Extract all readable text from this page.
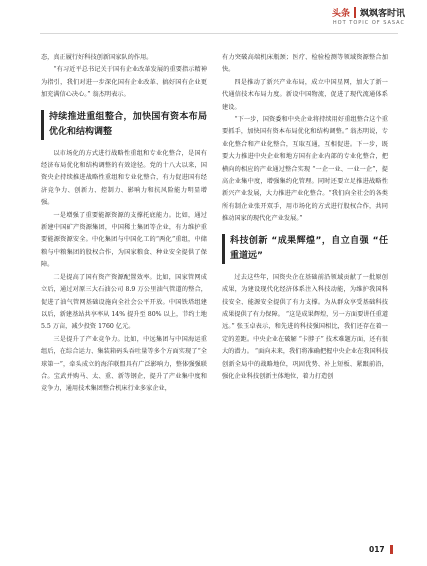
头条 飒飒客时讯
HOT TOPIC OF SASAC

态，真正履行好科技创新国家队的作用。

“有习近平总书记关于国有企业改革发展的重要指示精神为指引，我们对进一步深化国有企业改革、搞好国有企业更加充满信心决心。” 翁杰明表示。

持续推进重组整合，加快国有资本布局优化和结构调整

以市场化的方式进行战略性重组和专业化整合，是国有经济布局优化和结构调整的有效途径。党的十八大以来，国资央企持续推进战略性重组和专业化整合，有力促进国有经济竞争力、创新力、控制力、影响力和抗风险能力明显增强。

一是增强了重要能源资源的支撑托底能力。比如，通过新建中国矿产资源集团，中国稀土集团等企业，有力维护重要能源资源安全。中化集团与中国化工的“两化”重组，中储粮与中粮集团的股权合作，为国家粮食、种业安全提供了保障。

二是提高了国有资产资源配置效率。比如，国家管网成立后，通过对原三大石油公司 8.9 万公里油气管道的整合，促进了油气管网基础设施向全社会公平开放。中国铁塔组建以后，新建基站共享率从 14% 提升至 80% 以上，节约土地 5.5 万亩，减少投资 1760 亿元。

三是提升了产业竞争力。比如，中远集团与中国海运重组后，在综合运力、集装箱码头吞吐量等多个方面实现了“全球第一”，牵头成立的海洋联盟具有广泛影响力，整体强强联合。宝武并购马、太、重、新等钢企，提升了产业集中度和竞争力，通用技术集团整合机床行业多家企业，

有力突破高端机床瓶颈；医疗、检验检测等领域资源整合加快。

四是推动了新兴产业布局，成立中国星网，加大了新一代通信技术布局力度。新设中国物流，促进了现代流通体系建设。

“下一步，国资委和中央企业将持续用好重组整合这个重要抓手，加快国有资本布局优化和结构调整。” 翁杰明说，专业化整合和产业化整合，互取互通，互相促进。下一步，既要大力推进中央企业和地方国有企业内部的专业化整合，把横向的相应的产业通过整合实现 “一企一业、一业一企”，提高企业集中度，增强集约化管理。同时还要立足推进战略性新兴产业发展，大力推进产业化整合。“我们向全社会的各类所有制企业张开双手，用市场化的方式进行股权合作，共同推动国家的现代化产业发展。”

科技创新 “成果辉煌”，自立自强 “任重道远”

过去这些年，国资央企在基础前沿领域贡献了一批原创成果，为建设现代化经济体系注入科技动能，为维护我国科技安全、能源安全提供了有力支撑。为从群众享受基础科技成果提供了有力保障。 “这是成果辉煌，另一方面要讲任重道远。” 张玉卓表示，和先进的科技强国相比，我们还存在着一定的差距。中央企业在破解 “卡脖子” 技术难题方面，还有很大的潜力。 “面向未来，我们将准确把握中央企业在我国科技创新全局中的战略地位，巩固优势、补上短板、紧跟前沿，强化企业科技创新主体地位，着力打造创

017
